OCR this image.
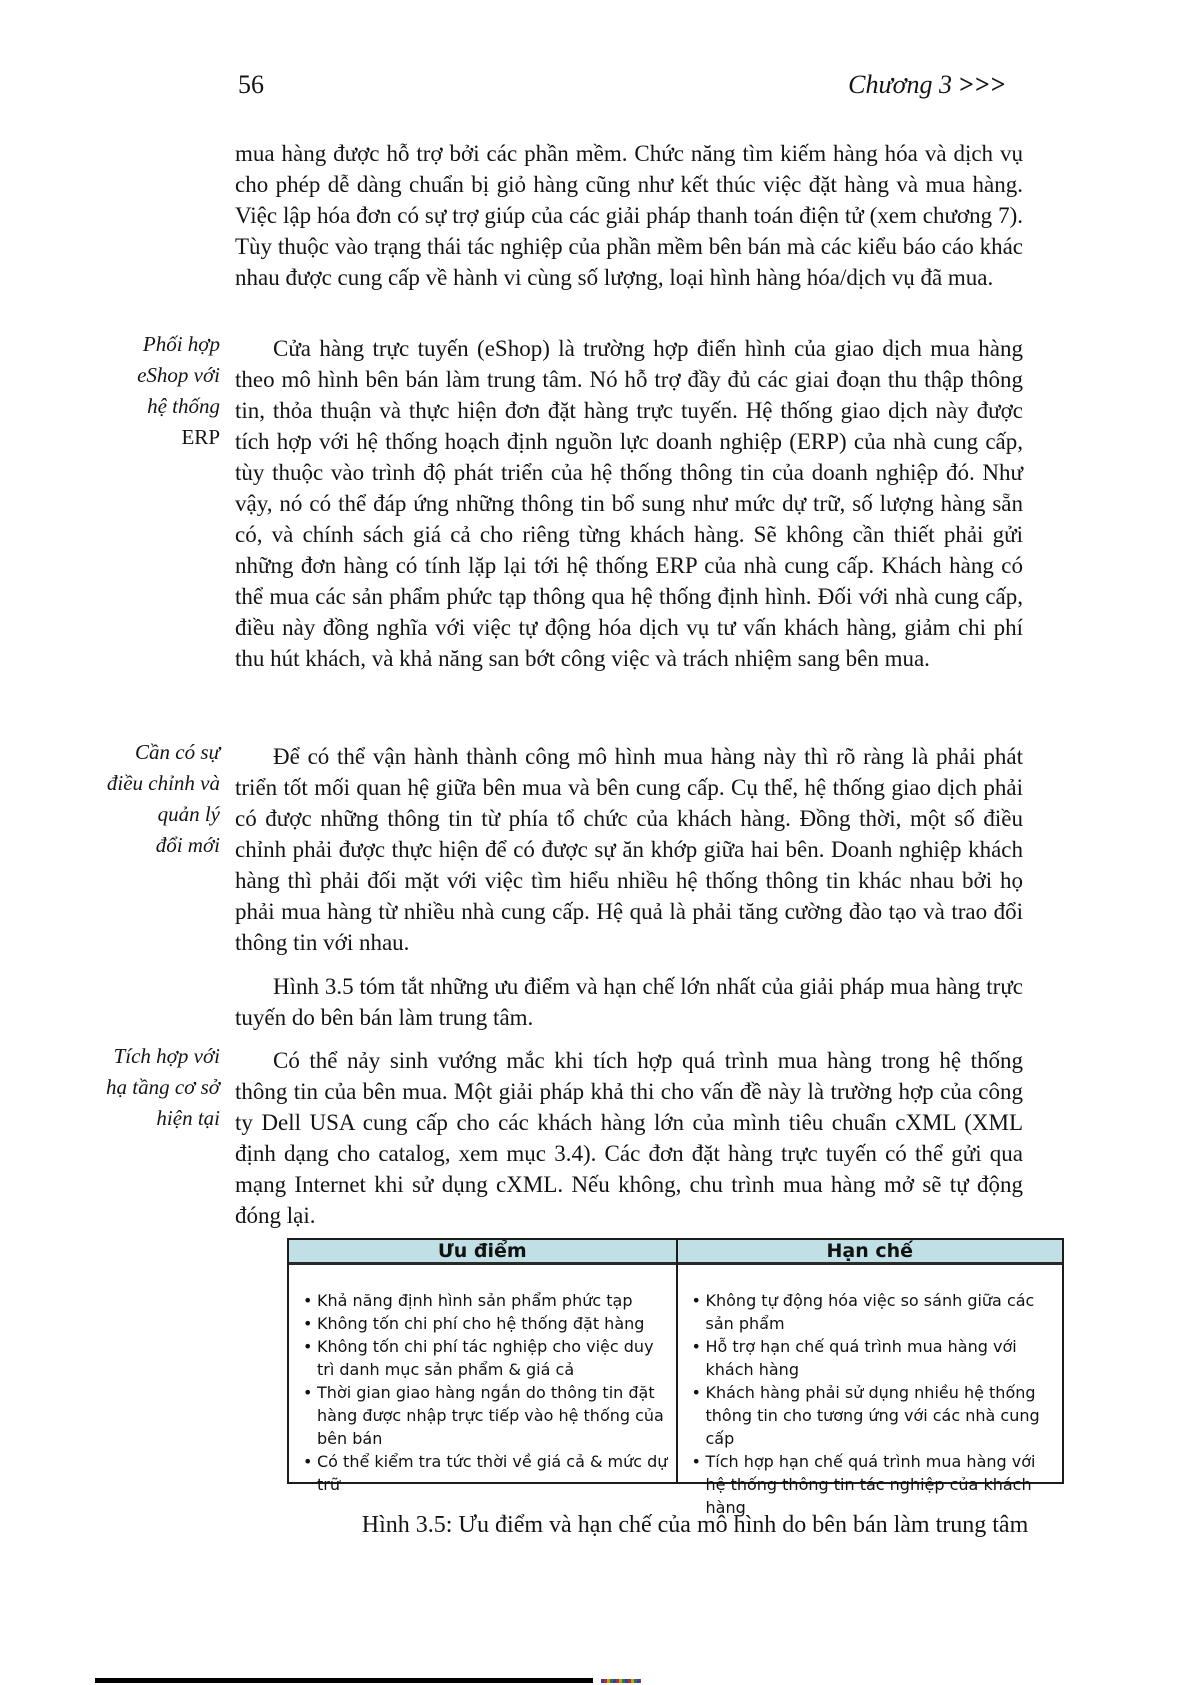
56	Chương 3 >>>

mua hàng được hỗ trợ bởi các phần mềm. Chức năng tìm kiếm hàng hóa và dịch vụ cho phép dễ dàng chuẩn bị giỏ hàng cũng như kết thúc việc đặt hàng và mua hàng. Việc lập hóa đơn có sự trợ giúp của các giải pháp thanh toán điện tử (xem chương 7). Tùy thuộc vào trạng thái tác nghiệp của phần mềm bên bán mà các kiểu báo cáo khác nhau được cung cấp về hành vi cùng số lượng, loại hình hàng hóa/dịch vụ đã mua.

Phối hợp
eShop với
hệ thống
ERP

Cửa hàng trực tuyến (eShop) là trường hợp điển hình của giao dịch mua hàng theo mô hình bên bán làm trung tâm. Nó hỗ trợ đầy đủ các giai đoạn thu thập thông tin, thỏa thuận và thực hiện đơn đặt hàng trực tuyến. Hệ thống giao dịch này được tích hợp với hệ thống hoạch định nguồn lực doanh nghiệp (ERP) của nhà cung cấp, tùy thuộc vào trình độ phát triển của hệ thống thông tin của doanh nghiệp đó. Như vậy, nó có thể đáp ứng những thông tin bổ sung như mức dự trữ, số lượng hàng sẵn có, và chính sách giá cả cho riêng từng khách hàng. Sẽ không cần thiết phải gửi những đơn hàng có tính lặp lại tới hệ thống ERP của nhà cung cấp. Khách hàng có thể mua các sản phẩm phức tạp thông qua hệ thống định hình. Đối với nhà cung cấp, điều này đồng nghĩa với việc tự động hóa dịch vụ tư vấn khách hàng, giảm chi phí thu hút khách, và khả năng san bớt công việc và trách nhiệm sang bên mua.

Cần có sự
điều chỉnh và
quản lý
đổi mới

Để có thể vận hành thành công mô hình mua hàng này thì rõ ràng là phải phát triển tốt mối quan hệ giữa bên mua và bên cung cấp. Cụ thể, hệ thống giao dịch phải có được những thông tin từ phía tổ chức của khách hàng. Đồng thời, một số điều chỉnh phải được thực hiện để có được sự ăn khớp giữa hai bên. Doanh nghiệp khách hàng thì phải đối mặt với việc tìm hiểu nhiều hệ thống thông tin khác nhau bởi họ phải mua hàng từ nhiều nhà cung cấp. Hệ quả là phải tăng cường đào tạo và trao đổi thông tin với nhau.

Hình 3.5 tóm tắt những ưu điểm và hạn chế lớn nhất của giải pháp mua hàng trực tuyến do bên bán làm trung tâm.

Tích hợp với
hạ tầng cơ sở
hiện tại

Có thể nảy sinh vướng mắc khi tích hợp quá trình mua hàng trong hệ thống thông tin của bên mua. Một giải pháp khả thi cho vấn đề này là trường hợp của công ty Dell USA cung cấp cho các khách hàng lớn của mình tiêu chuẩn cXML (XML định dạng cho catalog, xem mục 3.4). Các đơn đặt hàng trực tuyến có thể gửi qua mạng Internet khi sử dụng cXML. Nếu không, chu trình mua hàng mở sẽ tự động đóng lại.

Ưu điểm
• Khả năng định hình sản phẩm phức tạp
• Không tốn chi phí cho hệ thống đặt hàng
• Không tốn chi phí tác nghiệp cho việc duy trì danh mục sản phẩm & giá cả
• Thời gian giao hàng ngắn do thông tin đặt hàng được nhập trực tiếp vào hệ thống của bên bán
• Có thể kiểm tra tức thời về giá cả & mức dự trữ
Hạn chế
• Không tự động hóa việc so sánh giữa các sản phẩm
• Hỗ trợ hạn chế quá trình mua hàng với khách hàng
• Khách hàng phải sử dụng nhiều hệ thống thông tin cho tương ứng với các nhà cung cấp
• Tích hợp hạn chế quá trình mua hàng với hệ thống thông tin tác nghiệp của khách hàng
Hình 3.5: Ưu điểm và hạn chế của mô hình do bên bán làm trung tâm
